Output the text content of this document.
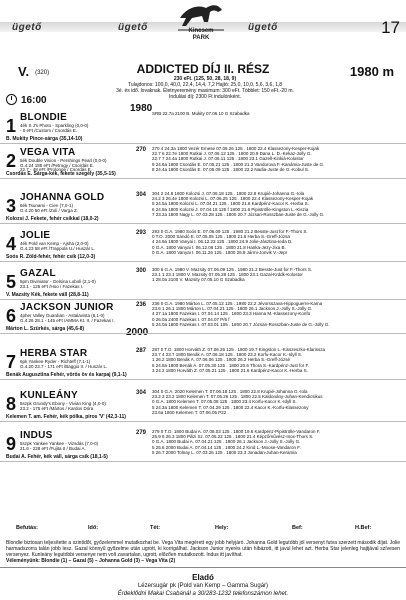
ügető	ügető	ügető
Kincsem
PARK
17
V. (320)	ADDICTED DÍJ II. RÉSZ	1980 m
230 eFt. (125, 50, 28, 18, 9)
Tulajdonos: 100,0, 40,0, 22,4, 14,4, 7,2 Hajtó: 25,0, 10,0, 5,6, 3,6, 1,8
3é. és idő. lovaknak. Életnyeremény maximum: 300 eFt. Többlet: 150 eFt.-20 m.
Indulási díj: 2300 Ft indulónként.
16:00
1980
2000
1 BLONDIE
4ék S J's Photo - Sparkling (0,0-0)
- 0 eFt /Custom / Csordás E.
B. Mukity Pince-sárga (35,14-10)
SRB 22.7a 2100 B. Mukity 07.06.10 G Szabadka
2 VEGA VITA	270
5ék Double Vision - Pershings Pearl (0,0-0)
G.4.24 185 eFt /Petrogy / Csordás E.
22.7 - 48 eFt /Prolonge / Csordás E.
Csordás E. Sárga-kék, fekete szegély (35,5-15)
270 4 24.3a 1800 Vezér Emese 07.06.26 125 . 1800 22.4 Klassezony-Kesper-Kojak
22.7 6 22.7e 1800 Rutkai J. 07.06.12 125 . 1800 20.9 Dana L. D.-Kekaz-Jolly G.
22.7 7 24.4a 1800 Rutkai J. 07.06.11 125 . 1800 23.1 Gazell-Kinkiá-Kolostor
9 24.6a 1800 Csordás E. 07.05.21 125 . 1800 21.3 Vandorova F.-Kanámia-Juste de G.
8 24.4a 1800 Csordás E. 07.05.09 125 . 1800 22.2 Nadia-Juste de G.-Kobul S.
3 JOHANNA GOLD	304
6ék Tsunami - Cien (7,0-1)
G.4.20 50 eFt /Zoli / Varga Z.
Kolozsi J. Fekete, fehér csíkkal (18,0-2)
304 2 24.8 1800 Kolozsi J. 07.06.18 125 . 1800 22.8 Krupié-Johanna G.-Iola
24.2 3 26.4e 1800 Kolozsi L. 07.06.25 125 . 1800 22.4 Klassezony-Kesper-Kojak
5 24.5a 1800 Kolozsi L. 07.04.21 125 . 1800 21.6 Kardpénz-Kacor K.-Herba S.
6 24.9a 1800 Kolozsi J. 07.04.18 125 f 1800 21.6 Pipiströlle-Kingston L.-Kiszia
7 23.2a 1800 Nagy L. 07.03.28 125 . 1800 20.7 Józsan-Rosszban-Juste de G.-Jolly G.
4 JOLIE	293
4ék Pold van Kemp - Ajsha (2,0-0)
G.4.23 58 eFt /Trappola U./ Huszár L.
Soós R. Zöld-fehér, fehér csík (12,0-3)
293 0 G.A. 1980 Soós E. 07.06.09 125 . 1980 21.2 Besste-Just for F.-Thors S.
0 T.O. 2000 Sandó E. 07.05.05 125 . 1800 21.6 Herba S.-Greff-Józsa
4 24.9a 1800 Vanyai I. 06.12.23 125 . 1800 24.9 Jolie-Jásztina-Ieda D.
0 G.A. 1800 Vanyai I. 06.12.06 125 . 1800 21.8 Hanka-Jezy-Jixa B.
0 G.A. 1800 Vanyai I. 06.11.26 125 . 1800 26.9 Jármi-Jonvik V.-Jepr
5 GAZAL	300
5pm Diviniator - Gelsina Loboli (2,1-0)
23.1 - 125 eFt /Hoo / Fazekas I.
V. Mazsity Kék, fekete váll (28,8-11)
300 6 G.A. 1980 V. Mazsity 07.06.09 125 . 1980 21.2 Besste-Just for F.-Thors S.
23.1 1 23.1 1800 V. Mazsity 07.05.28 125 . 1800 23.1 Gazal-Krddk-Kolostor
1 28.0a 2100 V. Mazsity 07.05.10 G Szabadka
6 JACKSON JUNIOR	236
4pher Valley Guardian - Astalavista (6,1-0)
G.4.26 28.1 - 145 eFt /AMMA Kt. II. / Fazekas I.
Márton L. Szürkés, sárga (45,6-8)
236 0 G.A. 1980 Márton L. 07.05.12 125 . 1980 22.2 Jévorsszava-Hippoguerre-Kama
23.6 1 26.1 1800 Márton L. 07.04.21 125 . 1800 26.1 Jackson J.-Jolly S.-Jolly G.
4 27.1a 1800 Fazekas I. 07.04.14 125 . 1800 23.3 Hanna M.-Klassezony-Konfü
0 26.0a 2400 Fazekas I. 07.04.07 P/6 f
5 24.0a 1800 Fazekas I. 07.03.01 105 . 1800 20.7 Józsan-Rosszban-Juste de G.-Jolly G.
7 HERBA STAR	287
6pk Yankee Ryder - Richteff (7,1-1)
G.4.20 23.7 - 171 eFt /Baggio II. / Huszár L.
Benák Augusztina Fehér, vörös öv és karpaj (9,1-1)
287 0 T.O. 1800 Horváth Z. 07.06.26 125 . 1800 19.7 Kingston L.-Kisszeszko-Klarissza
23.7 4 23.7 1800 Benák A. 07.06.18 125 . 1800 23.2 Korfu-Kacor K.-Idyll S.
1 26.2 1800 Benák A. 07.06.06 125 . 1800 26.2 Herba S.-Greff-Józsé
6 24.8a 1800 Benák A. 07.05.30 125 . 1800 20.6 Thora S.-Kardpénz-Just for F.
3 24.2 1800 Horváth Z. 07.05.21 125 . 1800 21.6 Kardpénz-Kacor K.-Herba S.
8 KUNLEÁNY	304
5szpk Grundy's Ebony - Vivian King (4,0-0)
23.2 - 175 eFt /Mártos / Kardos Dóra
Kelemen T. am. Fehér, kék pólka, piros 'V' (42,3-11)
304 0 G.A. 2020 Kelemen T. 07.06.18 125 . 1800 22.8 Krupié-Johanna G.-Iola
23.2 3 23.2 1800 Kelemen T. 07.05.26 125 . 1800 22.5 Kaldonány-Juhan-Kendicsikus
0 G.A. 1800 Kelemen T. 07.05.08 125 . 1800 23.4 Korfu-Kacor K.-Idyll S.
5 24.3a 1800 Kelemen T. 07.04.29 125 . 1800 22.4 Kacor K.-Korfu-Klassezony
23.6a 1800 Kelemen T. 07.06.05 P22 .
9 INDUS	279
5szpk Yankee Yankee - Vizsdás (7,0-0)
21.6 - 228 eFt /Fujita II / Budai A.
Budai A. Fehér, kék váll, sárga csík (18,1-5)
279 0 T.O. 1800 Budai A. 07.06.03 125 . 1800 19.6 Kardpénz-Pipiströlle-Vandaron F.
25.9 6 26.3 1800 Pilizi Sz. 07.05.22 125 . 1800 21.4 Képzőművész-Inox-Thors S.
0 G.A. 1800 Budai A. 07.04.21 125 . 1800 26.1 Jackson J.-Jolly S.-Jolly G.
5 25.6 2000 Budai A. 07.04.14 125 . 1800 24.2 Kind L.-Moose-Vandaron F.
5 26.7 2000 Tolnay L. 07.03.26 125 . 1800 23.3 Jonadan-Juhan-Keramia
Befutás:	Idő:	Tét:	Hely:	Bef:	H.Bef:
Blondie biztosan teljesítette a szintidőt, győzelemmel mutatkozhat be. Vega Vita megérett egy jobb helyjáró. Johanna Gold legutóbb jól versenyt futva szerzett második díjat. Jolie harmadszorra talán jobb lesz. Gazal könnyű győzelme után ugrott, ki korrigálhat. Jackson Junior nyerés után hibázott, itt javul lehet azt. Herba Star jelenleg hajtjával szívesen versenyez. Kunleány legutóbbi versenye nem volt zavartalan, ugrott, előzően mutatkozott. Indus itt javíthat.
Véleményünk: Blondie (1) – Gazal (5) – Johanna Gold (3) – Vega Vita (2)
Eladó
Lézersugár pk (Pold van Kemp – Gamma Sugár)
Érdeklődni Makai Csabánál a 30/283-1232 telefonszámon lehet.
